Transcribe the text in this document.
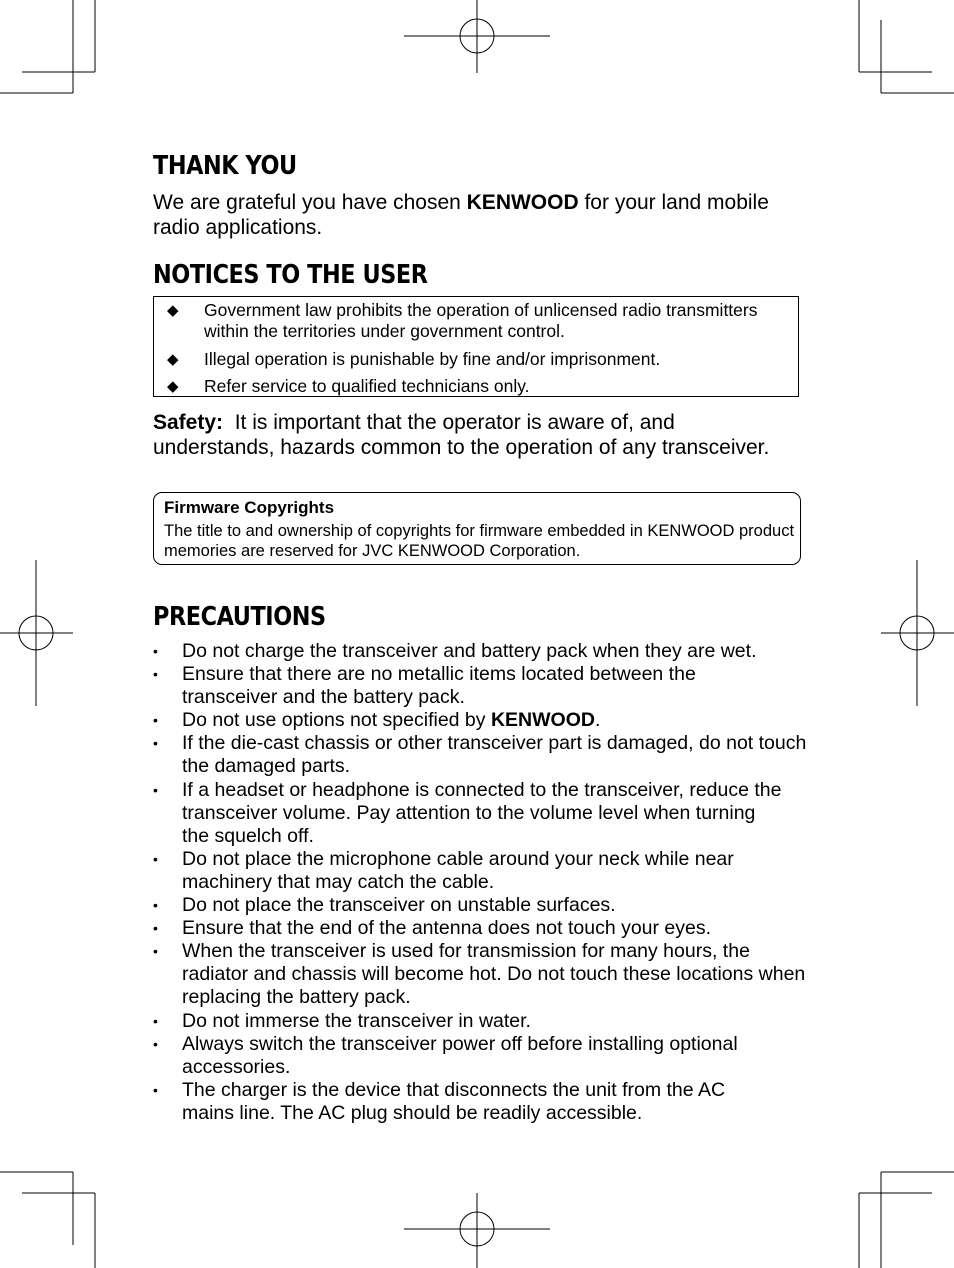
THANK YOU

We are grateful you have chosen KENWOOD for your land mobile radio applications.

NOTICES TO THE USER
◆ Government law prohibits the operation of unlicensed radio transmitters within the territories under government control.
◆ Illegal operation is punishable by fine and/or imprisonment.
◆ Refer service to qualified technicians only.

Safety: It is important that the operator is aware of, and understands, hazards common to the operation of any transceiver.

Firmware Copyrights
The title to and ownership of copyrights for firmware embedded in KENWOOD product memories are reserved for JVC KENWOOD Corporation.
PRECAUTIONS
• Do not charge the transceiver and battery pack when they are wet.
• Ensure that there are no metallic items located between the transceiver and the battery pack.
• Do not use options not specified by KENWOOD.
• If the die-cast chassis or other transceiver part is damaged, do not touch the damaged parts.
• If a headset or headphone is connected to the transceiver, reduce the transceiver volume. Pay attention to the volume level when turning the squelch off.
• Do not place the microphone cable around your neck while near machinery that may catch the cable.
• Do not place the transceiver on unstable surfaces.
• Ensure that the end of the antenna does not touch your eyes.
• When the transceiver is used for transmission for many hours, the radiator and chassis will become hot. Do not touch these locations when replacing the battery pack.
• Do not immerse the transceiver in water.
• Always switch the transceiver power off before installing optional accessories.
• The charger is the device that disconnects the unit from the AC mains line. The AC plug should be readily accessible.
